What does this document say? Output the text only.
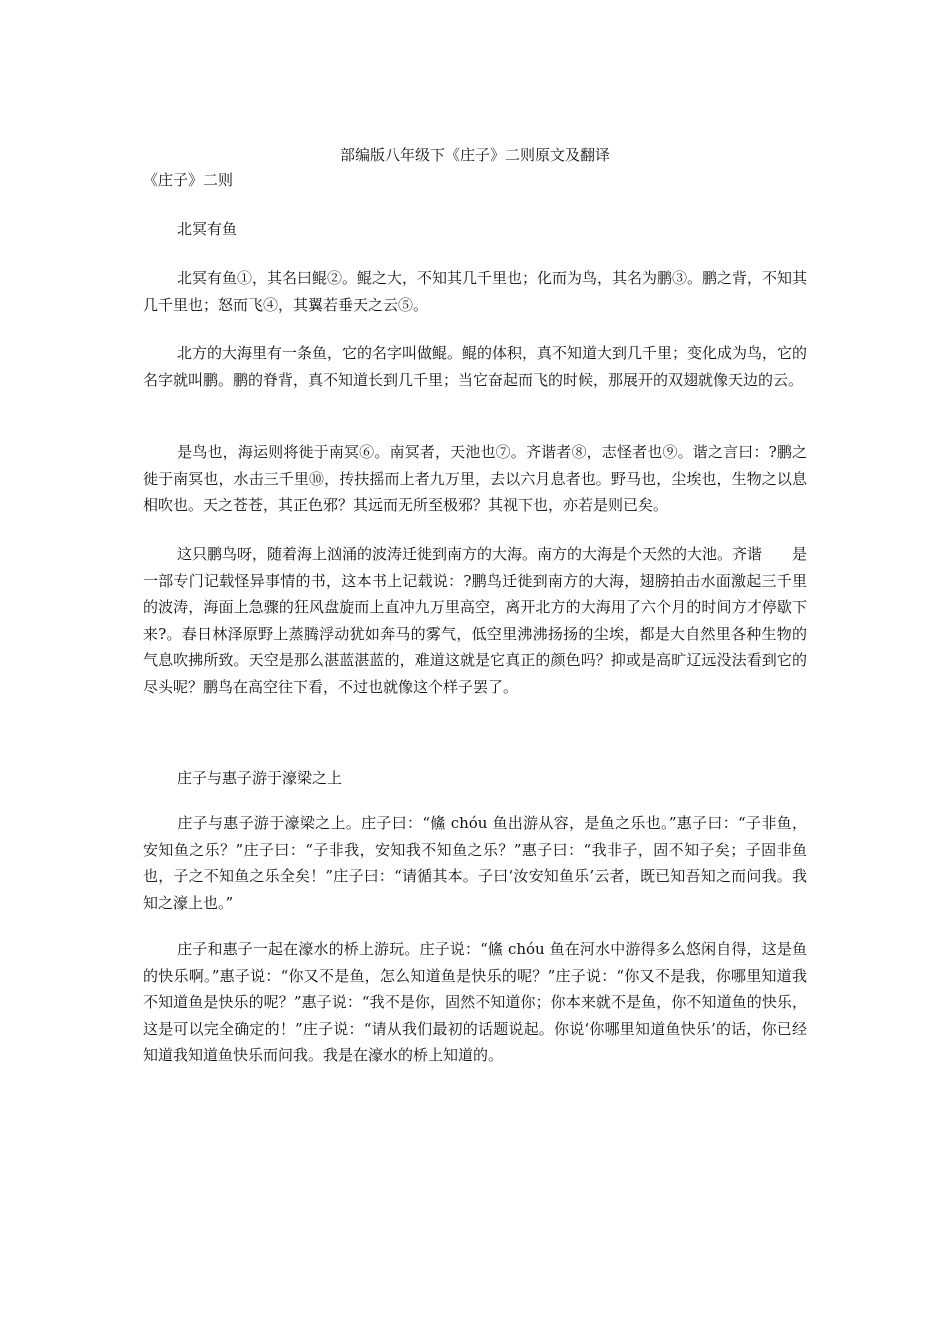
部编版八年级下《庄子》二则原文及翻译
《庄子》二则

北冥有鱼

北冥有鱼①，其名曰鲲②。鲲之大，不知其几千里也；化而为鸟，其名为鹏③。鹏之背，不知其几千里也；怒而飞④，其翼若垂天之云⑤。

北方的大海里有一条鱼，它的名字叫做鲲。鲲的体积，真不知道大到几千里；变化成为鸟，它的名字就叫鹏。鹏的脊背，真不知道长到几千里；当它奋起而飞的时候，那展开的双翅就像天边的云。

是鸟也，海运则将徙于南冥⑥。南冥者，天池也⑦。齐谐者⑧，志怪者也⑨。谐之言曰：?鹏之徙于南冥也，水击三千里⑩，抟扶摇而上者九万里，去以六月息者也。野马也，尘埃也，生物之以息相吹也。天之苍苍，其正色邪？其远而无所至极邪？其视下也，亦若是则已矣。

这只鹏鸟呀，随着海上汹涌的波涛迁徙到南方的大海。南方的大海是个天然的大池。齐谐　　是一部专门记载怪异事情的书，这本书上记载说：?鹏鸟迁徙到南方的大海，翅膀拍击水面激起三千里的波涛，海面上急骤的狂风盘旋而上直冲九万里高空，离开北方的大海用了六个月的时间方才停歇下来?。春日林泽原野上蒸腾浮动犹如奔马的雾气，低空里沸沸扬扬的尘埃，都是大自然里各种生物的气息吹拂所致。天空是那么湛蓝湛蓝的，难道这就是它真正的颜色吗？抑或是高旷辽远没法看到它的尽头呢？鹏鸟在高空往下看，不过也就像这个样子罢了。

庄子与惠子游于濠梁之上

庄子与惠子游于濠梁之上。庄子曰：“鯈 chóu 鱼出游从容，是鱼之乐也。”惠子曰：“子非鱼，安知鱼之乐？”庄子曰：“子非我，安知我不知鱼之乐？”惠子曰：“我非子，固不知子矣；子固非鱼也，子之不知鱼之乐全矣！”庄子曰：“请循其本。子曰‘汝安知鱼乐’云者，既已知吾知之而问我。我知之濠上也。”

庄子和惠子一起在濠水的桥上游玩。庄子说：“鯈 chóu 鱼在河水中游得多么悠闲自得，这是鱼的快乐啊。”惠子说：“你又不是鱼，怎么知道鱼是快乐的呢？”庄子说：“你又不是我，你哪里知道我不知道鱼是快乐的呢？”惠子说：“我不是你，固然不知道你；你本来就不是鱼，你不知道鱼的快乐，这是可以完全确定的！”庄子说：“请从我们最初的话题说起。你说‘你哪里知道鱼快乐’的话，你已经知道我知道鱼快乐而问我。我是在濠水的桥上知道的。
